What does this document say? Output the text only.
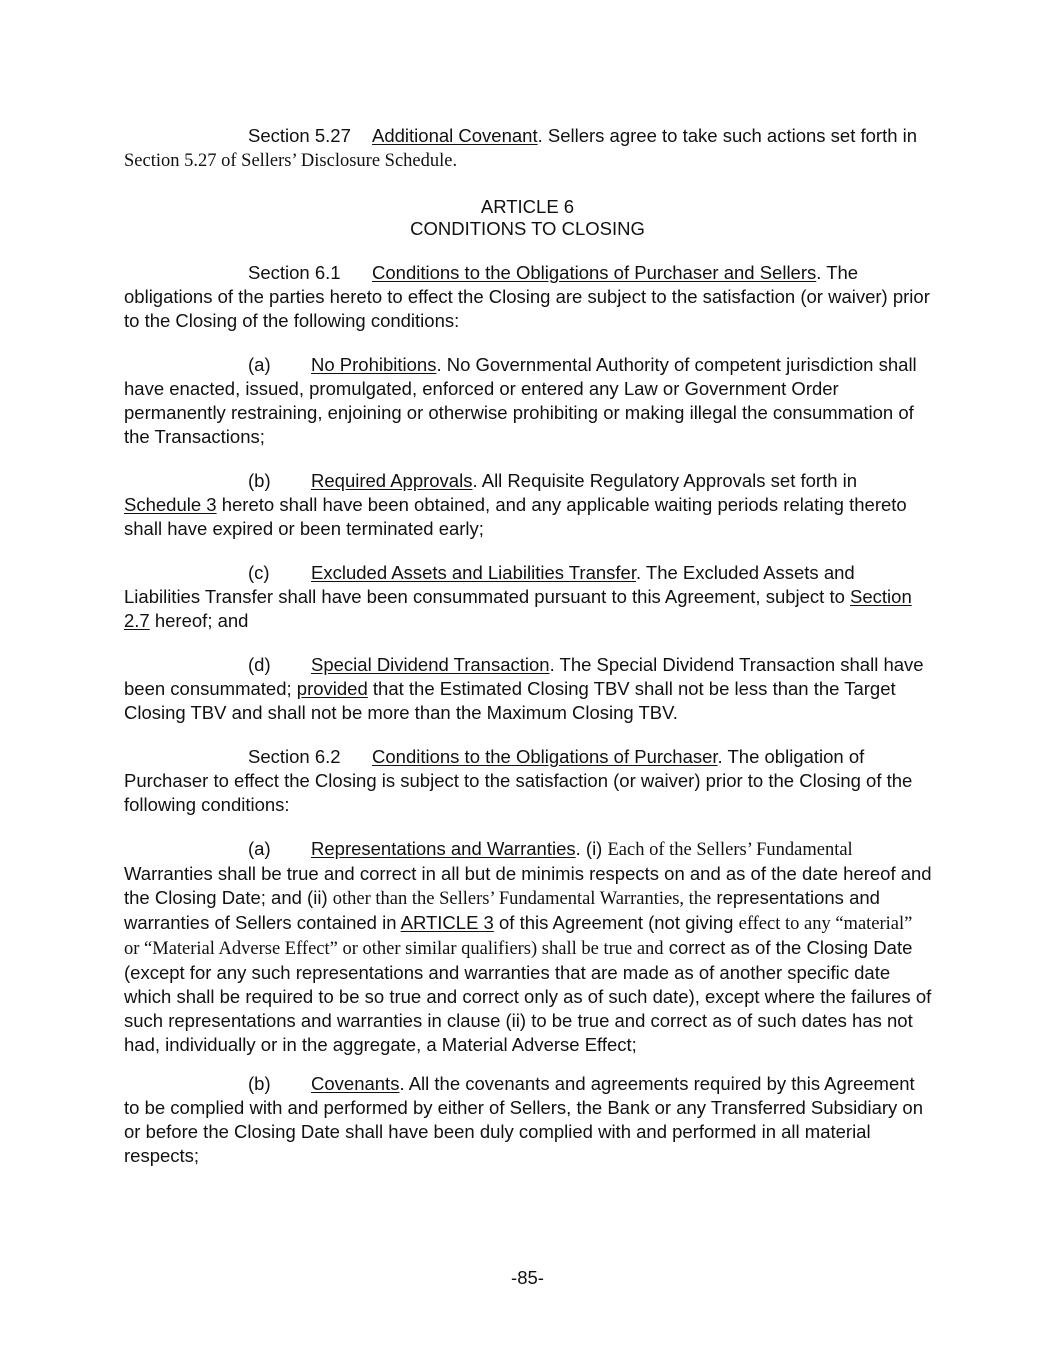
Section 5.27 Additional Covenant. Sellers agree to take such actions set forth in
Section 5.27 of Sellers’ Disclosure Schedule.

ARTICLE 6

CONDITIONS TO CLOSING

Section 6.1 Conditions to the Obligations of Purchaser and Sellers. The obligations of the parties hereto to effect the Closing are subject to the satisfaction (or waiver) prior to the Closing of the following conditions:

(a) No Prohibitions. No Governmental Authority of competent jurisdiction shall have enacted, issued, promulgated, enforced or entered any Law or Government Order permanently restraining, enjoining or otherwise prohibiting or making illegal the consummation of the Transactions;

(b) Required Approvals. All Requisite Regulatory Approvals set forth in Schedule 3 hereto shall have been obtained, and any applicable waiting periods relating thereto shall have expired or been terminated early;

(c) Excluded Assets and Liabilities Transfer. The Excluded Assets and Liabilities Transfer shall have been consummated pursuant to this Agreement, subject to Section 2.7 hereof; and

(d) Special Dividend Transaction. The Special Dividend Transaction shall have been consummated; provided that the Estimated Closing TBV shall not be less than the Target Closing TBV and shall not be more than the Maximum Closing TBV.

Section 6.2 Conditions to the Obligations of Purchaser. The obligation of Purchaser to effect the Closing is subject to the satisfaction (or waiver) prior to the Closing of the following conditions:

(a) Representations and Warranties. (i) Each of the Sellers’ Fundamental Warranties shall be true and correct in all but de minimis respects on and as of the date hereof and the Closing Date; and (ii) other than the Sellers’ Fundamental Warranties, the representations and warranties of Sellers contained in ARTICLE 3 of this Agreement (not giving effect to any “material” or “Material Adverse Effect” or other similar qualifiers) shall be true and correct as of the Closing Date (except for any such representations and warranties that are made as of another specific date which shall be required to be so true and correct only as of such date), except where the failures of such representations and warranties in clause (ii) to be true and correct as of such dates has not had, individually or in the aggregate, a Material Adverse Effect;

(b) Covenants. All the covenants and agreements required by this Agreement to be complied with and performed by either of Sellers, the Bank or any Transferred Subsidiary on or before the Closing Date shall have been duly complied with and performed in all material respects;

-85-
